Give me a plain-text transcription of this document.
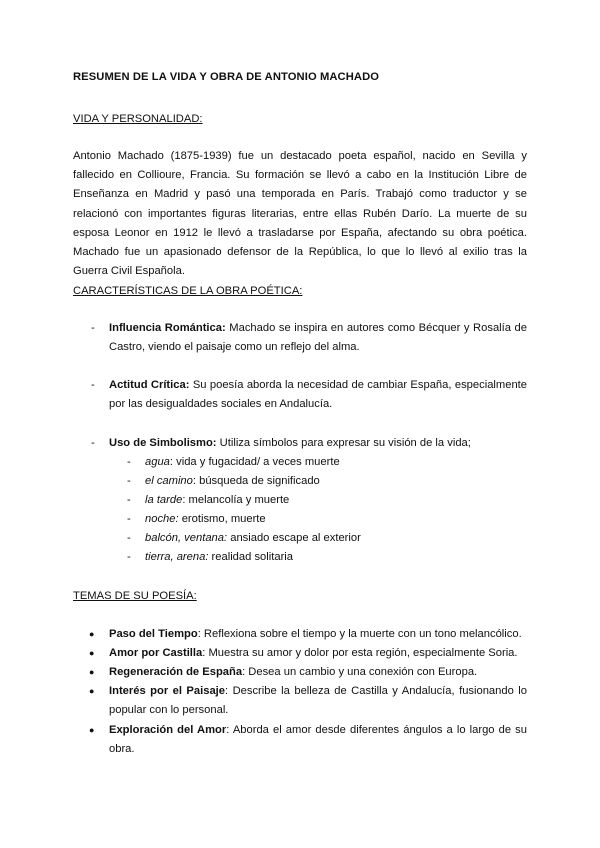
RESUMEN DE LA VIDA Y OBRA DE ANTONIO MACHADO
VIDA Y PERSONALIDAD:
Antonio Machado (1875-1939) fue un destacado poeta español, nacido en Sevilla y fallecido en Collioure, Francia. Su formación se llevó a cabo en la Institución Libre de Enseñanza en Madrid y pasó una temporada en París. Trabajó como traductor y se relacionó con importantes figuras literarias, entre ellas Rubén Darío. La muerte de su esposa Leonor en 1912 le llevó a trasladarse por España, afectando su obra poética. Machado fue un apasionado defensor de la República, lo que lo llevó al exilio tras la Guerra Civil Española.
CARACTERÍSTICAS DE LA OBRA POÉTICA:
- Influencia Romántica: Machado se inspira en autores como Bécquer y Rosalía de Castro, viendo el paisaje como un reflejo del alma.
- Actitud Crítica: Su poesía aborda la necesidad de cambiar España, especialmente por las desigualdades sociales en Andalucía.
- Uso de Simbolismo: Utiliza símbolos para expresar su visión de la vida;
- agua: vida y fugacidad/ a veces muerte
- el camino: búsqueda de significado
- la tarde: melancolía y muerte
- noche: erotismo, muerte
- balcón, ventana: ansiado escape al exterior
- tierra, arena: realidad solitaria
TEMAS DE SU POESÍA:
● Paso del Tiempo: Reflexiona sobre el tiempo y la muerte con un tono melancólico.
● Amor por Castilla: Muestra su amor y dolor por esta región, especialmente Soria.
● Regeneración de España: Desea un cambio y una conexión con Europa.
● Interés por el Paisaje: Describe la belleza de Castilla y Andalucía, fusionando lo popular con lo personal.
● Exploración del Amor: Aborda el amor desde diferentes ángulos a lo largo de su obra.
